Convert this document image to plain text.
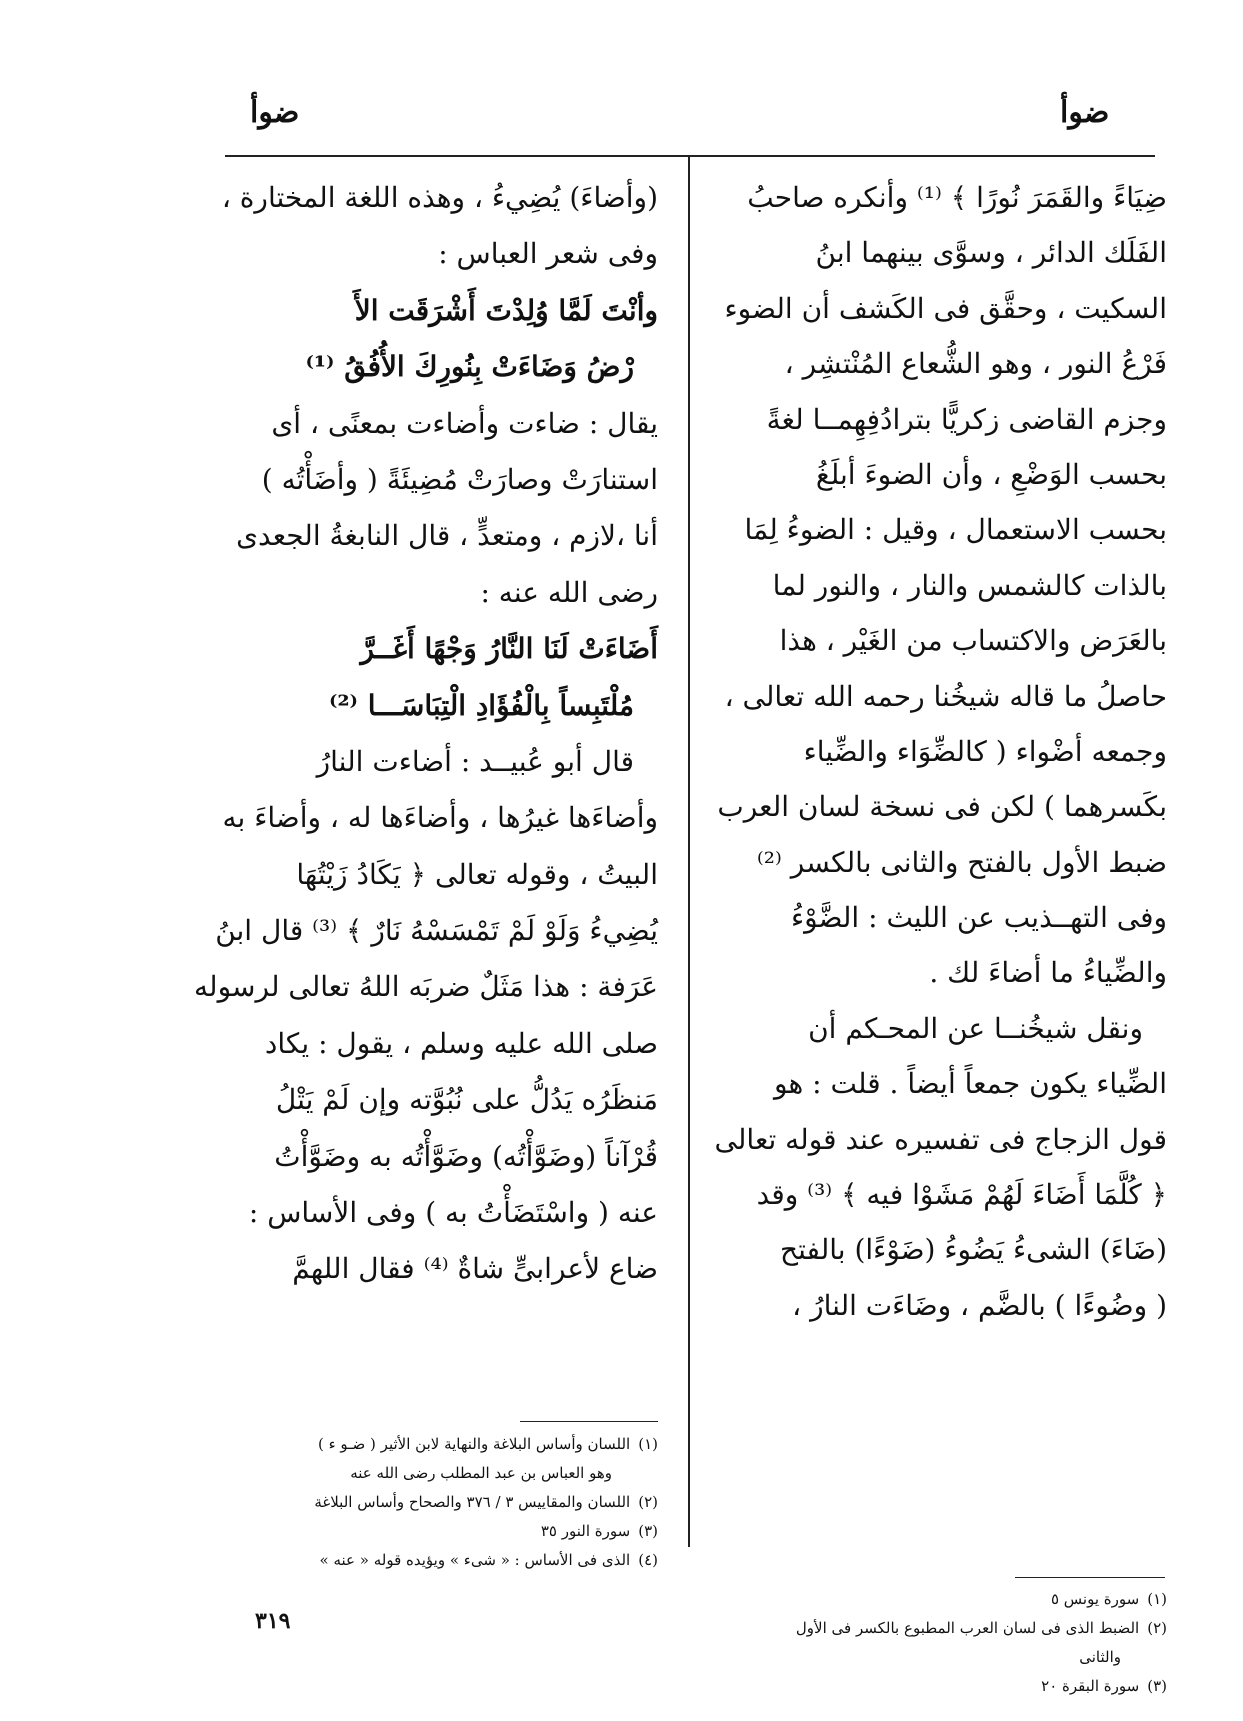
ضوأ
ضوأ
ضِيَاءً والقَمَرَ نُورًا ﴾ ⁽¹⁾ وأنكره صاحبُ
الفَلَك الدائر ، وسوَّى بينهما ابنُ
السكيت ، وحقَّق فى الكَشف أن الضوء
فَرْعُ النور ، وهو الشُّعاع المُنْتشِر ،
وجزم القاضى زكريًّا بترادُفِهِمــا لغةً
بحسب الوَضْعِ ، وأن الضوءَ أبلَغُ
بحسب الاستعمال ، وقيل : الضوءُ لِمَا
بالذات كالشمس والنار ، والنور لما
بالعَرَض والاكتساب من الغَيْر ، هذا
حاصلُ ما قاله شيخُنا رحمه الله تعالى ،
وجمعه أضْواء ( كالضِّوَاء والضِّياء
بكَسرهما ) لكن فى نسخة لسان العرب
ضبط الأول بالفتح والثانى بالكسر ⁽²⁾
وفى التهــذيب عن الليث : الضَّوْءُ
والضِّياءُ ما أضاءَ لك .
ونقل شيخُنــا عن المحـكم أن
الضِّياء يكون جمعاً أيضاً . قلت : هو
قول الزجاج فى تفسيره عند قوله تعالى
﴿ كُلَّمَا أَضَاءَ لَهُمْ مَشَوْا فيه ﴾ ⁽³⁾ وقد
(ضَاءَ) الشىءُ يَضُوءُ (ضَوْءًا) بالفتح
( وضُوءًا ) بالضَّم ، وضَاءَت النارُ ،
(وأضاءَ) يُضِيءُ ، وهذه اللغة المختارة ،
وفى شعر العباس :
وأنْتَ لَمَّا وُلِدْتَ أَشْرَقَت الأَ
رْضُ وَضَاءَتْ بِنُورِكَ الأُفُقُ ⁽¹⁾
يقال : ضاءت وأضاءت بمعنًى ، أى
استنارَتْ وصارَتْ مُضِيئَةً ( وأضَأْتُه )
أنا ،لازم ، ومتعدٍّ ، قال النابغةُ الجعدى
رضى الله عنه :
أَضَاءَتْ لَنَا النَّارُ وَجْهًا أَغَــرَّ
مُلْتَبِساً بِالْفُؤَادِ الْتِبَاسَـــا ⁽²⁾
قال أبو عُبيــد : أضاءت النارُ
وأضاءَها غيرُها ، وأضاءَها له ، وأضاءَ به
البيتُ ، وقوله تعالى ﴿ يَكَادُ زَيْتُهَا
يُضِيءُ وَلَوْ لَمْ تَمْسَسْهُ نَارٌ ﴾ ⁽³⁾ قال ابنُ
عَرَفة : هذا مَثَلٌ ضربَه اللهُ تعالى لرسوله
صلى الله عليه وسلم ، يقول : يكاد
مَنظَرُه يَدُلُّ على نُبُوَّته وإن لَمْ يَتْلُ
قُرْآناً (وضَوَّأْتُه) وضَوَّأْتُه به وضَوَّأْتُ
عنه ( واسْتَضَأْتُ به ) وفى الأساس :
ضاع لأعرابىٍّ شاةٌ ⁽⁴⁾ فقال اللهمَّ
(١)
سورة يونس ٥
(٢)
الضبط الذى فى لسان العرب المطبوع بالكسر فى الأول
والثانى
(٣)
سورة البقرة ٢٠
(١)
اللسان وأساس البلاغة والنهاية لابن الأثير ( ضـو ء )
وهو العباس بن عبد المطلب رضى الله عنه
(٢)
اللسان والمقاييس ٣ / ٣٧٦ والصحاح وأساس البلاغة
(٣)
سورة النور ٣٥
(٤)
الذى فى الأساس : « شىء » ويؤيده قوله « عنه »
٣١٩
